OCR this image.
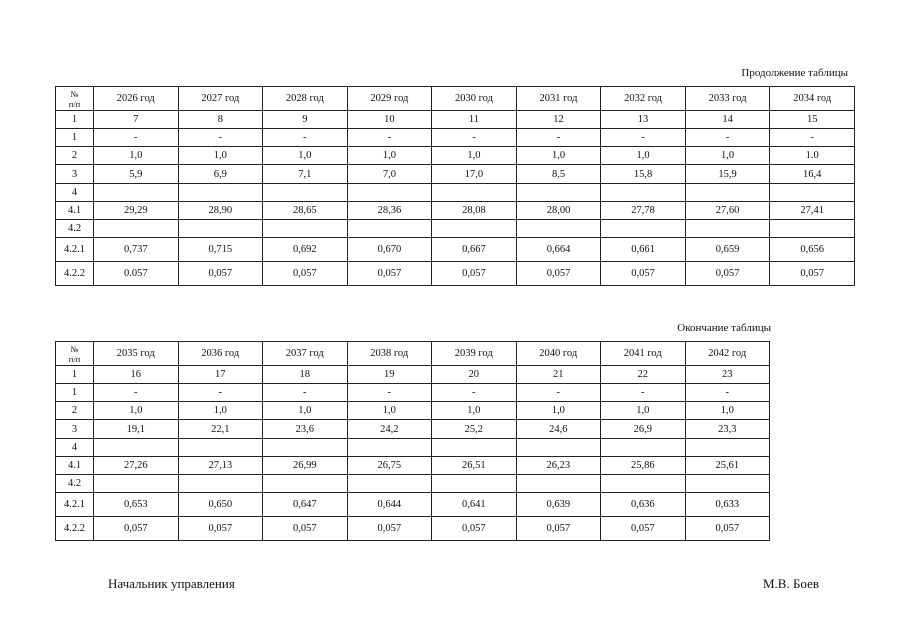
Продолжение таблицы
№
п/п	2026 год	2027 год	2028 год	2029 год	2030 год	2031 год	2032 год	2033 год	2034 год
1	7	8	9	10	11	12	13	14	15
1	-	-	-	-	-	-	-	-	-
2	1,0	1,0	1,0	1,0	1,0	1,0	1,0	1,0	1.0
3	5,9	6,9	7,1	7,0	17,0	8,5	15,8	15,9	16,4
4									
4.1	29,29	28,90	28,65	28,36	28,08	28,00	27,78	27,60	27,41
4.2									
4.2.1	0,737	0,715	0,692	0,670	0,667	0,664	0,661	0,659	0,656
4.2.2	0.057	0,057	0,057	0,057	0,057	0,057	0,057	0,057	0,057
Окончание таблицы
№
п/п	2035 год	2036 год	2037 год	2038 год	2039 год	2040 год	2041 год	2042 год
1	16	17	18	19	20	21	22	23
1	-	-	-	-	-	-	-	-
2	1,0	1,0	1,0	1,0	1,0	1,0	1,0	1,0
3	19,1	22,1	23,6	24,2	25,2	24,6	26,9	23,3
4								
4.1	27,26	27,13	26,99	26,75	26,51	26,23	25,86	25,61
4.2								
4.2.1	0,653	0,650	0,647	0,644	0,641	0,639	0,636	0,633
4.2.2	0,057	0,057	0,057	0,057	0,057	0,057	0,057	0,057
Начальник управления	М.В. Боев
